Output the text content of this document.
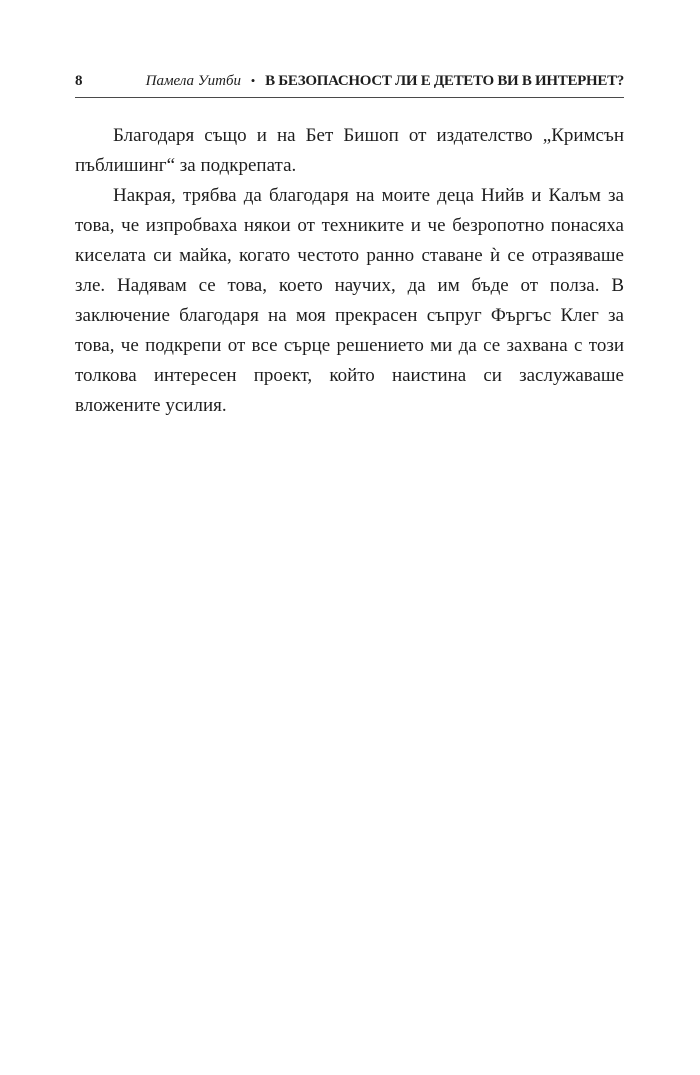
8	Памела Уитби • В БЕЗОПАСНОСТ ЛИ Е ДЕТЕТО ВИ В ИНТЕРНЕТ?

Благодаря също и на Бет Бишоп от издателство „Кримсън пъблишинг“ за подкрепата.

Накрая, трябва да благодаря на моите деца Нийв и Калъм за това, че изпробваха някои от техниките и че безропотно понасяха киселата си майка, когато честото ранно ставане ѝ се отразяваше зле. Надявам се това, което научих, да им бъде от полза. В заключение благодаря на моя прекрасен съпруг Фъргъс Клег за това, че подкрепи от все сърце решението ми да се захвана с този толкова интересен проект, който наистина си заслужаваше вложените усилия.
